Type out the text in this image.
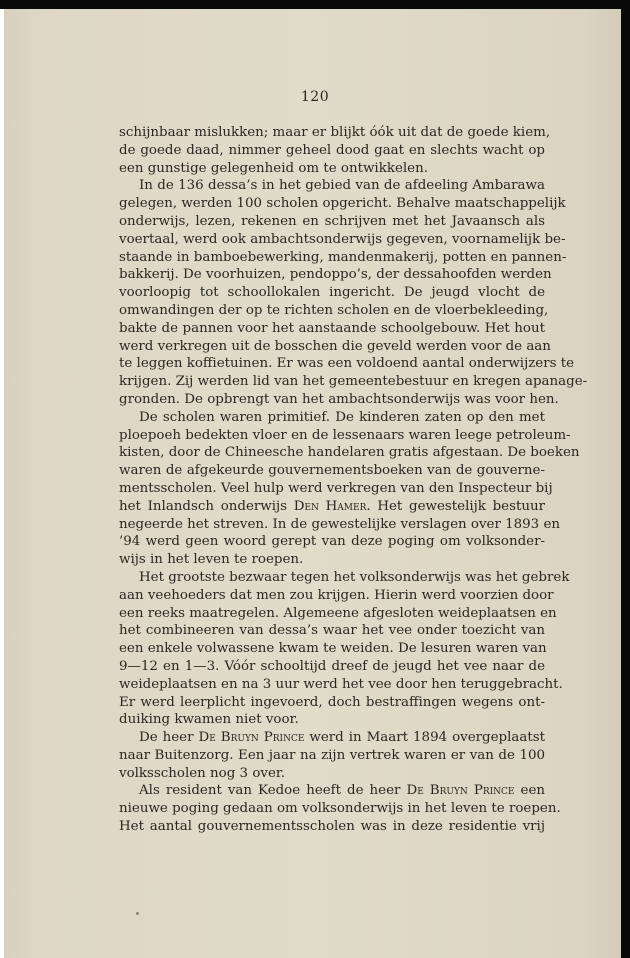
120
schijnbaar mislukken; maar er blijkt óók uit dat de goede kiem,
de goede daad, nimmer geheel dood gaat en slechts wacht op
een gunstige gelegenheid om te ontwikkelen.
In de 136 dessa’s in het gebied van de afdeeling Ambarawa
gelegen, werden 100 scholen opgericht. Behalve maatschappelijk
onderwijs, lezen, rekenen en schrijven met het Javaansch als
voertaal, werd ook ambachtsonderwijs gegeven, voornamelijk be-
staande in bamboebewerking, mandenmakerij, potten en pannen-
bakkerij. De voorhuizen, pendoppo’s, der dessahoofden werden
voorloopig tot schoollokalen ingericht. De jeugd vlocht de
omwandingen der op te richten scholen en de vloerbekleeding,
bakte de pannen voor het aanstaande schoolgebouw. Het hout
werd verkregen uit de bosschen die geveld werden voor de aan
te leggen koffietuinen. Er was een voldoend aantal onderwijzers te
krijgen. Zij werden lid van het gemeentebestuur en kregen apanage-
gronden. De opbrengt van het ambachtsonderwijs was voor hen.
De scholen waren primitief. De kinderen zaten op den met
ploepoeh bedekten vloer en de lessenaars waren leege petroleum-
kisten, door de Chineesche handelaren gratis afgestaan. De boeken
waren de afgekeurde gouvernementsboeken van de gouverne-
mentsscholen. Veel hulp werd verkregen van den Inspecteur bij
het Inlandsch onderwijs Den Hamer. Het gewestelijk bestuur
negeerde het streven. In de gewestelijke verslagen over 1893 en
’94 werd geen woord gerept van deze poging om volksonder-
wijs in het leven te roepen.
Het grootste bezwaar tegen het volksonderwijs was het gebrek
aan veehoeders dat men zou krijgen. Hierin werd voorzien door
een reeks maatregelen. Algemeene afgesloten weideplaatsen en
het combineeren van dessa’s waar het vee onder toezicht van
een enkele volwassene kwam te weiden. De lesuren waren van
9—12 en 1—3. Vóór schooltijd dreef de jeugd het vee naar de
weideplaatsen en na 3 uur werd het vee door hen teruggebracht.
Er werd leerplicht ingevoerd, doch bestraffingen wegens ont-
duiking kwamen niet voor.
De heer De Bruyn Prince werd in Maart 1894 overgeplaatst
naar Buitenzorg. Een jaar na zijn vertrek waren er van de 100
volksscholen nog 3 over.
Als resident van Kedoe heeft de heer De Bruyn Prince een
nieuwe poging gedaan om volksonderwijs in het leven te roepen.
Het aantal gouvernementsscholen was in deze residentie vrij
